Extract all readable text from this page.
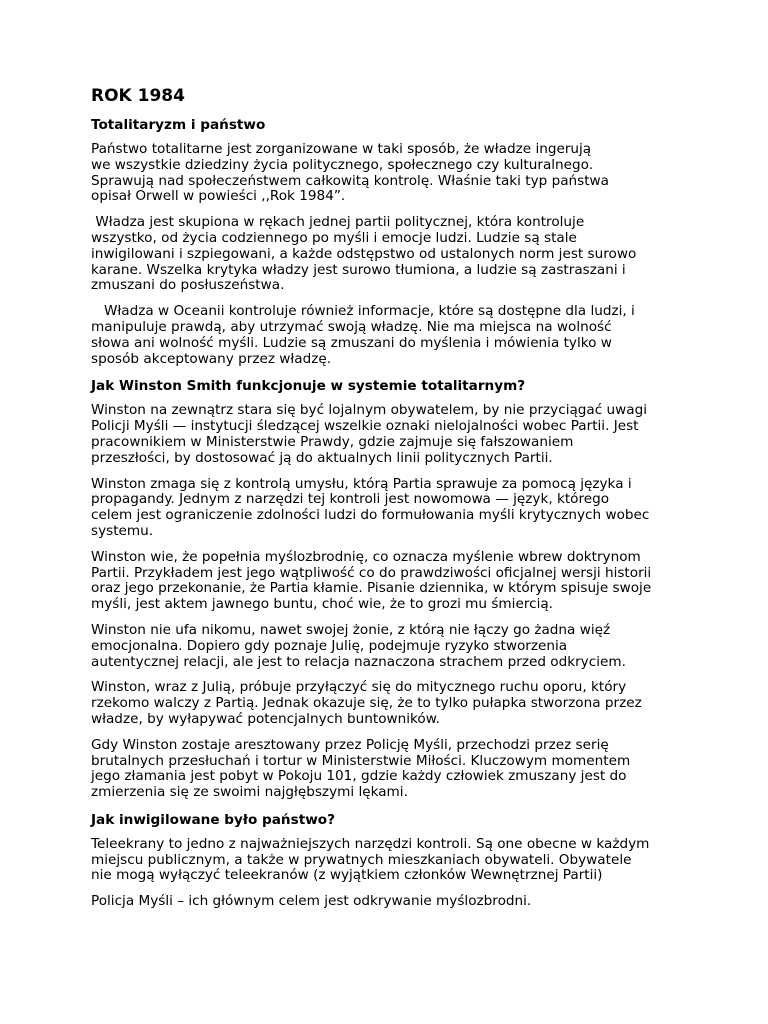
ROK 1984
Totalitaryzm i państwo
Państwo totalitarne jest zorganizowane w taki sposób, że władze ingerują
we wszystkie dziedziny życia politycznego, społecznego czy kulturalnego.
Sprawują nad społeczeństwem całkowitą kontrolę. Właśnie taki typ państwa
opisał Orwell w powieści ,,Rok 1984”.
Władza jest skupiona w rękach jednej partii politycznej, która kontroluje
wszystko, od życia codziennego po myśli i emocje ludzi. Ludzie są stale
inwigilowani i szpiegowani, a każde odstępstwo od ustalonych norm jest surowo
karane. Wszelka krytyka władzy jest surowo tłumiona, a ludzie są zastraszani i
zmuszani do posłuszeństwa.
Władza w Oceanii kontroluje również informacje, które są dostępne dla ludzi, i
manipuluje prawdą, aby utrzymać swoją władzę. Nie ma miejsca na wolność
słowa ani wolność myśli. Ludzie są zmuszani do myślenia i mówienia tylko w
sposób akceptowany przez władzę.
Jak Winston Smith funkcjonuje w systemie totalitarnym?
Winston na zewnątrz stara się być lojalnym obywatelem, by nie przyciągać uwagi
Policji Myśli — instytucji śledzącej wszelkie oznaki nielojalności wobec Partii. Jest
pracownikiem w Ministerstwie Prawdy, gdzie zajmuje się fałszowaniem
przeszłości, by dostosować ją do aktualnych linii politycznych Partii.
Winston zmaga się z kontrolą umysłu, którą Partia sprawuje za pomocą języka i
propagandy. Jednym z narzędzi tej kontroli jest nowomowa — język, którego
celem jest ograniczenie zdolności ludzi do formułowania myśli krytycznych wobec
systemu.
Winston wie, że popełnia myślozbrodnię, co oznacza myślenie wbrew doktrynom
Partii. Przykładem jest jego wątpliwość co do prawdziwości oficjalnej wersji historii
oraz jego przekonanie, że Partia kłamie. Pisanie dziennika, w którym spisuje swoje
myśli, jest aktem jawnego buntu, choć wie, że to grozi mu śmiercią.
Winston nie ufa nikomu, nawet swojej żonie, z którą nie łączy go żadna więź
emocjonalna. Dopiero gdy poznaje Julię, podejmuje ryzyko stworzenia
autentycznej relacji, ale jest to relacja naznaczona strachem przed odkryciem.
Winston, wraz z Julią, próbuje przyłączyć się do mitycznego ruchu oporu, który
rzekomo walczy z Partią. Jednak okazuje się, że to tylko pułapka stworzona przez
władze, by wyłapywać potencjalnych buntowników.
Gdy Winston zostaje aresztowany przez Policję Myśli, przechodzi przez serię
brutalnych przesłuchań i tortur w Ministerstwie Miłości. Kluczowym momentem
jego złamania jest pobyt w Pokoju 101, gdzie każdy człowiek zmuszany jest do
zmierzenia się ze swoimi najgłębszymi lękami.
Jak inwigilowane było państwo?
Teleekrany to jedno z najważniejszych narzędzi kontroli. Są one obecne w każdym
miejscu publicznym, a także w prywatnych mieszkaniach obywateli. Obywatele
nie mogą wyłączyć teleekranów (z wyjątkiem członków Wewnętrznej Partii)
Policja Myśli – ich głównym celem jest odkrywanie myślozbrodni.
